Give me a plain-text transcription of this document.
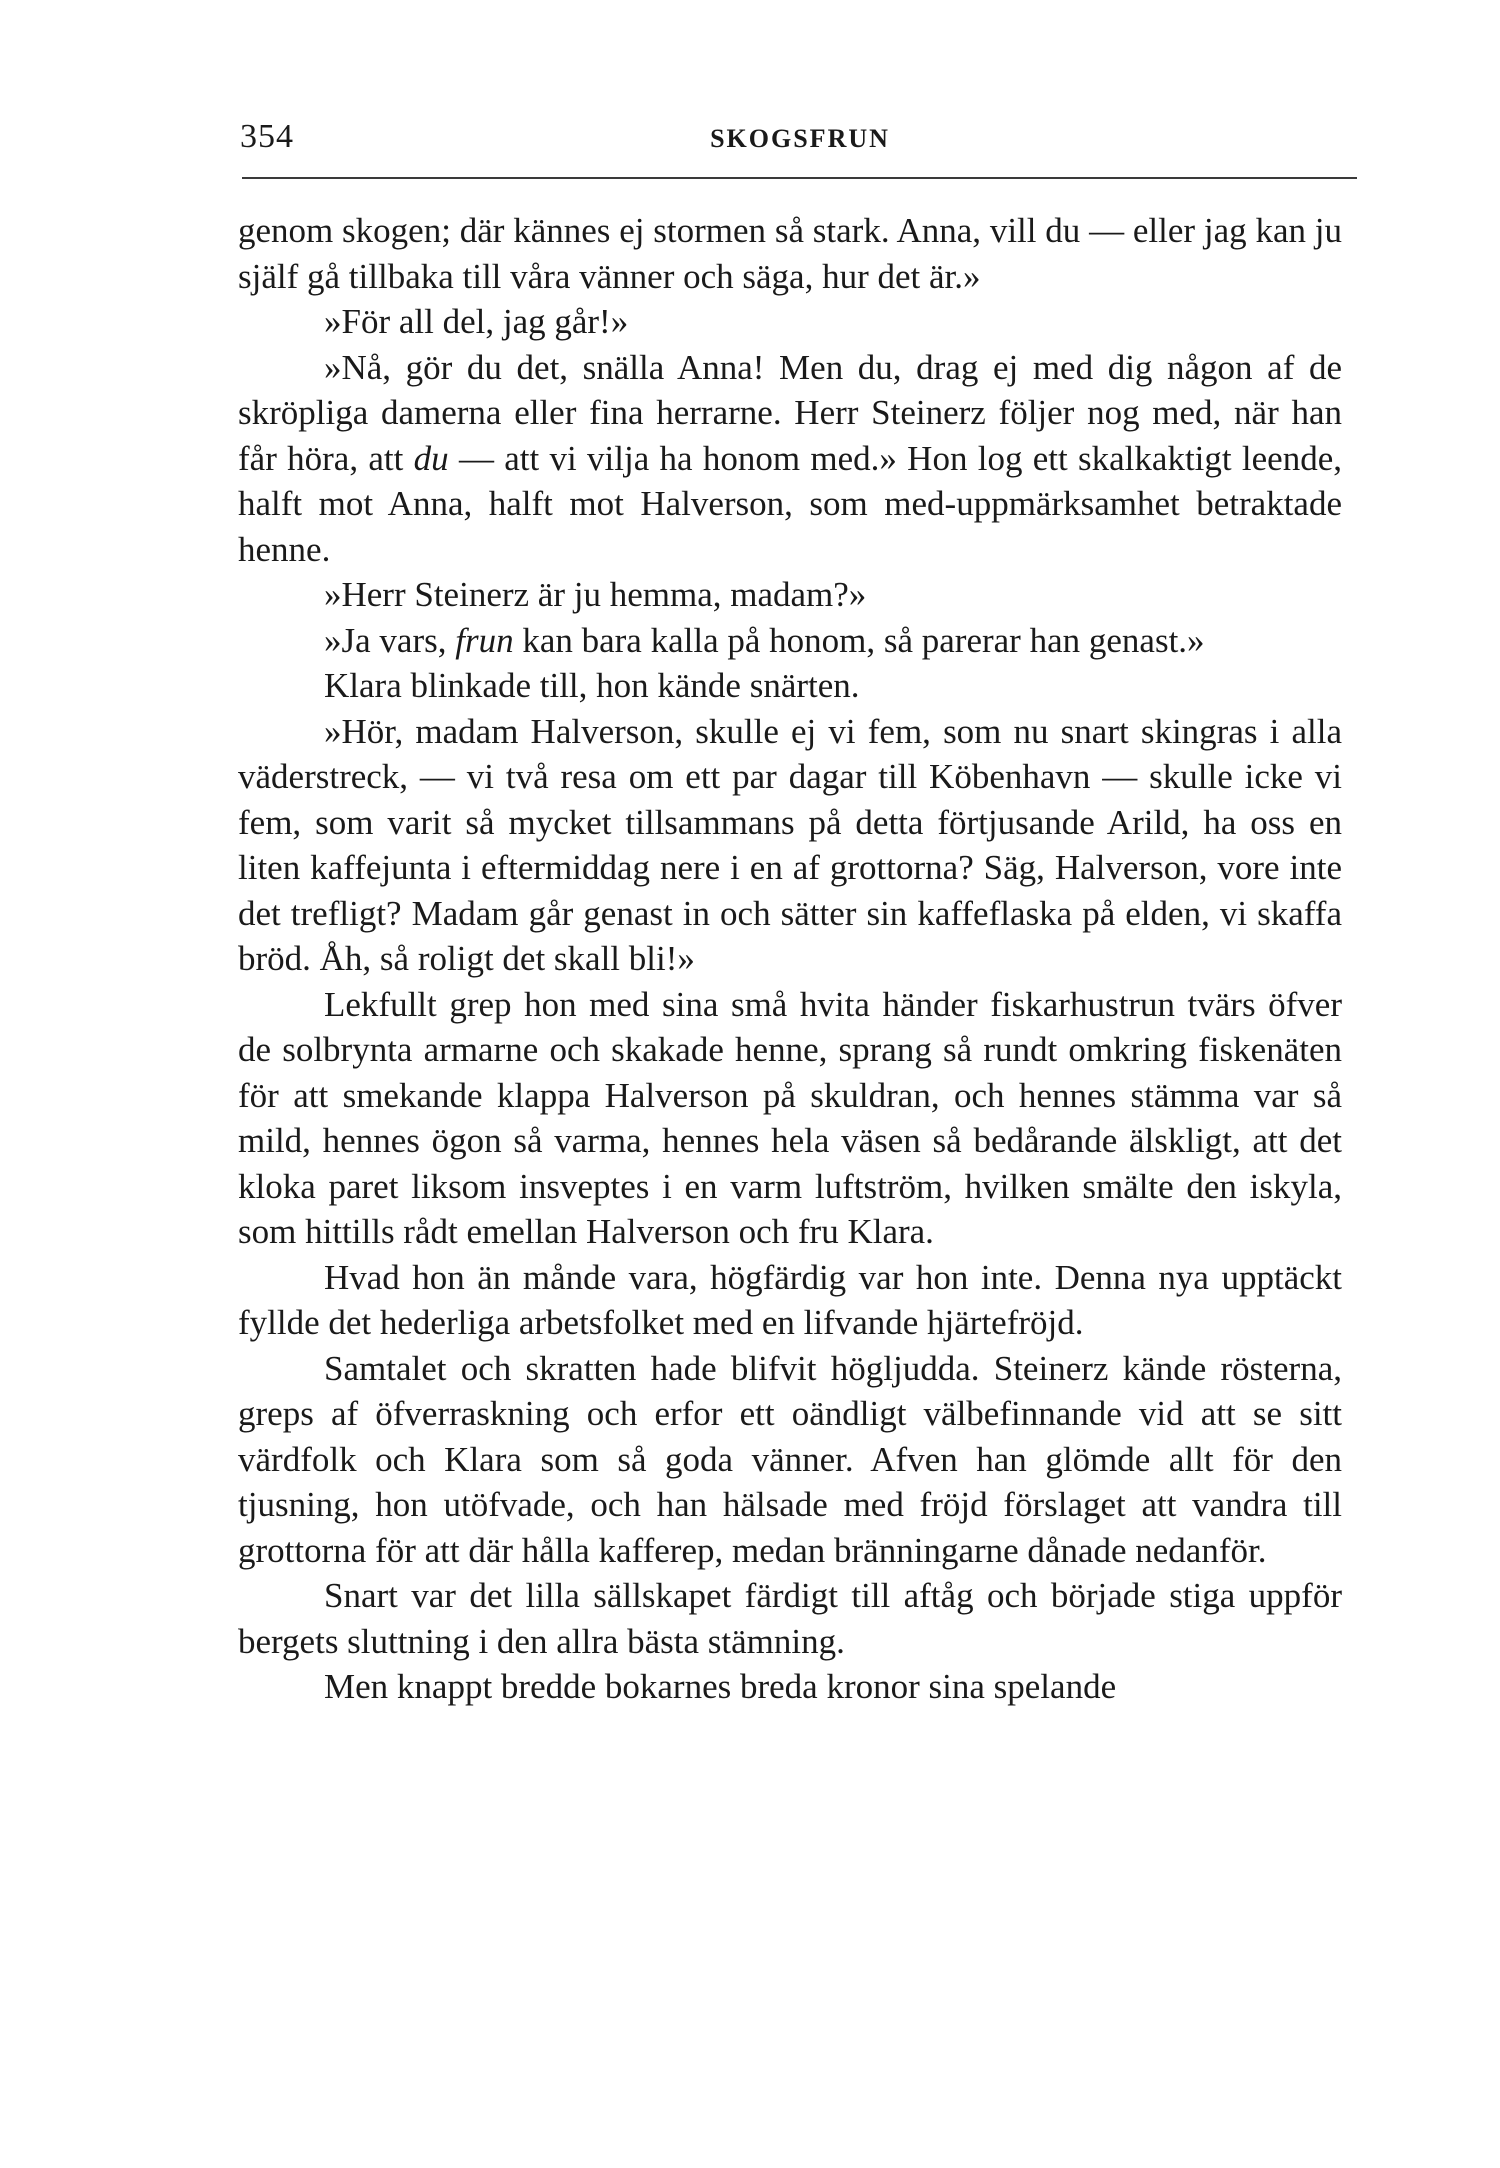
354	SKOGSFRUN

genom skogen; där kännes ej stormen så stark. Anna, vill du — eller jag kan ju själf gå tillbaka till våra vänner och säga, hur det är.»

»För all del, jag går!»

»Nå, gör du det, snälla Anna! Men du, drag ej med dig någon af de skröpliga damerna eller fina herrarne. Herr Steinerz följer nog med, när han får höra, att du — att vi vilja ha honom med.» Hon log ett skalkaktigt leende, halft mot Anna, halft mot Halverson, som med-uppmärksamhet betraktade henne.

»Herr Steinerz är ju hemma, madam?»

»Ja vars, frun kan bara kalla på honom, så parerar han genast.»

Klara blinkade till, hon kände snärten.

»Hör, madam Halverson, skulle ej vi fem, som nu snart skingras i alla väderstreck, — vi två resa om ett par dagar till Köbenhavn — skulle icke vi fem, som varit så mycket tillsammans på detta förtjusande Arild, ha oss en liten kaffejunta i eftermiddag nere i en af grottorna? Säg, Halverson, vore inte det trefligt? Madam går genast in och sätter sin kaffeflaska på elden, vi skaffa bröd. Åh, så roligt det skall bli!»

Lekfullt grep hon med sina små hvita händer fiskarhustrun tvärs öfver de solbrynta armarne och skakade henne, sprang så rundt omkring fiskenäten för att smekande klappa Halverson på skuldran, och hennes stämma var så mild, hennes ögon så varma, hennes hela väsen så bedårande älskligt, att det kloka paret liksom insveptes i en varm luftström, hvilken smälte den iskyla, som hittills rådt emellan Halverson och fru Klara.

Hvad hon än månde vara, högfärdig var hon inte. Denna nya upptäckt fyllde det hederliga arbetsfolket med en lifvande hjärtefröjd.

Samtalet och skratten hade blifvit högljudda. Steinerz kände rösterna, greps af öfverraskning och erfor ett oändligt välbefinnande vid att se sitt värdfolk och Klara som så goda vänner. Afven han glömde allt för den tjusning, hon utöfvade, och han hälsade med fröjd förslaget att vandra till grottorna för att där hålla kafferep, medan bränningarne dånade nedanför.

Snart var det lilla sällskapet färdigt till aftåg och började stiga uppför bergets sluttning i den allra bästa stämning.

Men knappt bredde bokarnes breda kronor sina spelande
